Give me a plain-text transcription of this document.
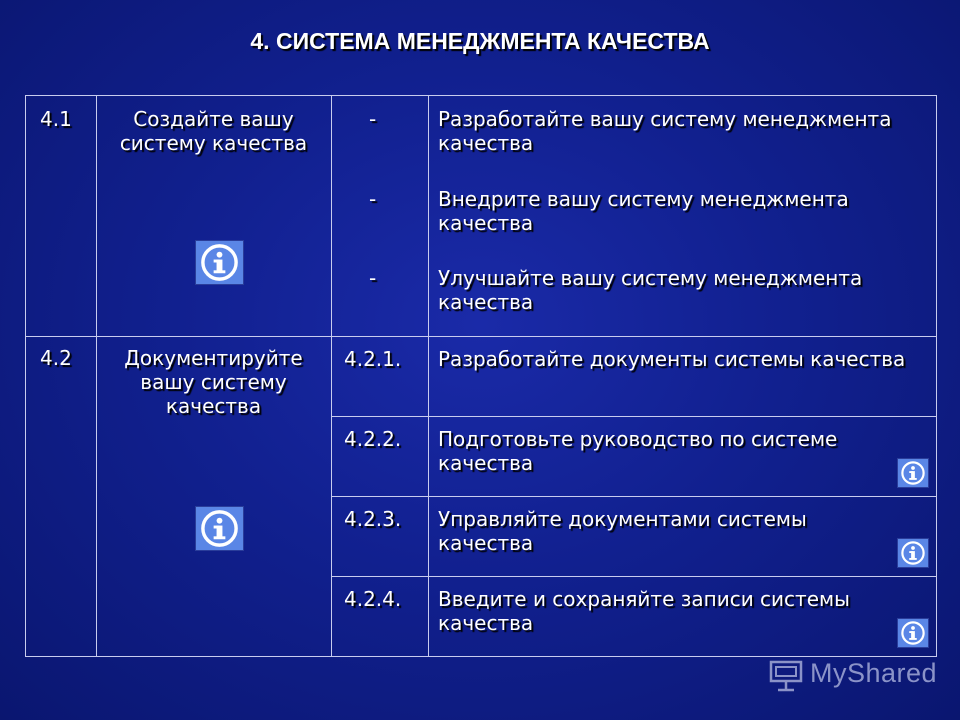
4. СИСТЕМА МЕНЕДЖМЕНТА КАЧЕСТВА
4.1	Создайте вашу систему качества
-	Разработайте вашу систему менеджмента качества
-	Внедрите вашу систему менеджмента качества
-	Улучшайте вашу систему менеджмента качества
4.2	Документируйте вашу систему качества
4.2.1. Разработайте документы системы качества
4.2.2. Подготовьте руководство по системе качества
4.2.3. Управляйте документами системы качества
4.2.4. Введите и сохраняйте записи системы качества
MyShared
